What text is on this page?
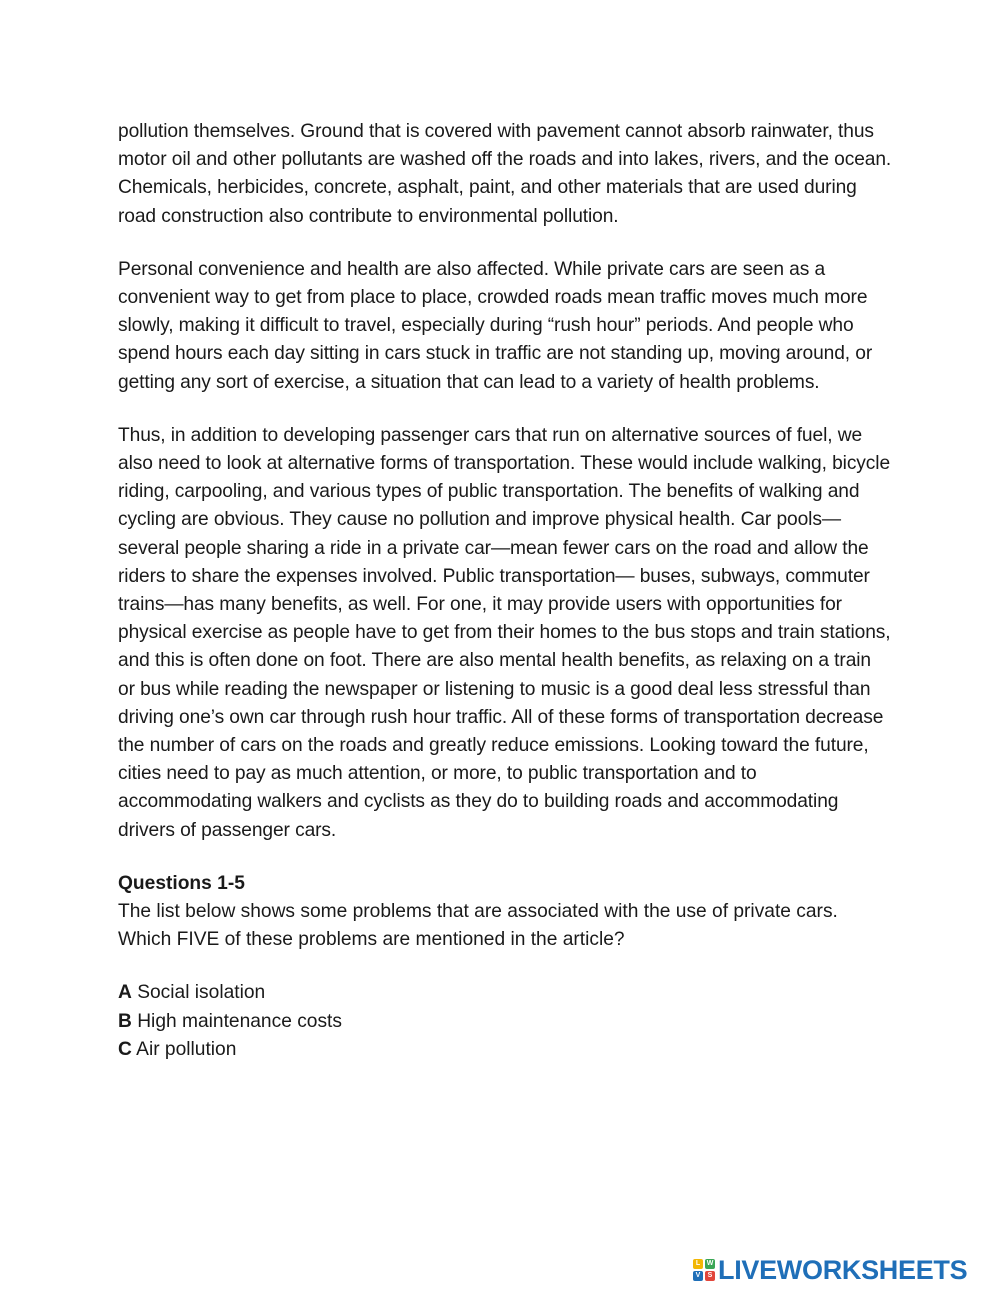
pollution themselves. Ground that is covered with pavement cannot absorb rainwater, thus motor oil and other pollutants are washed off the roads and into lakes, rivers, and the ocean. Chemicals, herbicides, concrete, asphalt, paint, and other materials that are used during road construction also contribute to environmental pollution.

Personal convenience and health are also affected. While private cars are seen as a convenient way to get from place to place, crowded roads mean traffic moves much more slowly, making it difficult to travel, especially during “rush hour” periods. And people who spend hours each day sitting in cars stuck in traffic are not standing up, moving around, or getting any sort of exercise, a situation that can lead to a variety of health problems.

Thus, in addition to developing passenger cars that run on alternative sources of fuel, we also need to look at alternative forms of transportation. These would include walking, bicycle riding, carpooling, and various types of public transportation. The benefits of walking and cycling are obvious. They cause no pollution and improve physical health. Car pools—several people sharing a ride in a private car—mean fewer cars on the road and allow the riders to share the expenses involved. Public transportation— buses, subways, commuter trains—has many benefits, as well. For one, it may provide users with opportunities for physical exercise as people have to get from their homes to the bus stops and train stations, and this is often done on foot. There are also mental health benefits, as relaxing on a train or bus while reading the newspaper or listening to music is a good deal less stressful than driving one’s own car through rush hour traffic. All of these forms of transportation decrease the number of cars on the roads and greatly reduce emissions. Looking toward the future, cities need to pay as much attention, or more, to public transportation and to accommodating walkers and cyclists as they do to building roads and accommodating drivers of passenger cars.

Questions 1-5

The list below shows some problems that are associated with the use of private cars. Which FIVE of these problems are mentioned in the article?

A Social isolation
B High maintenance costs
C Air pollution
L W
V	S LIVEWORKSHEETS
